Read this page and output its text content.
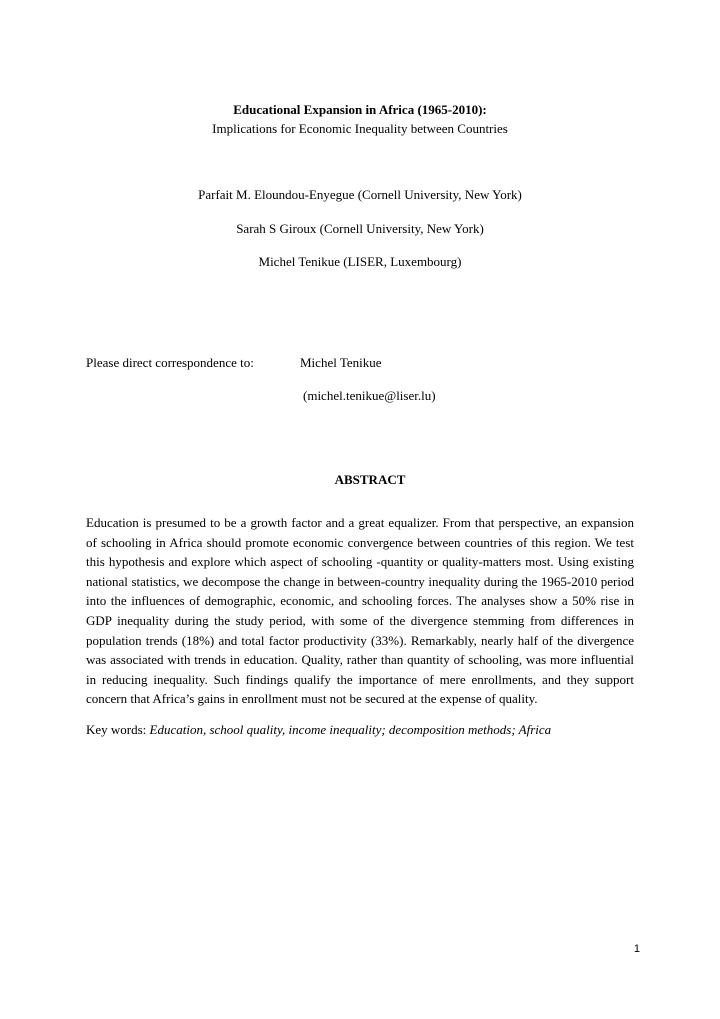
Educational Expansion in Africa (1965-2010):
Implications for Economic Inequality between Countries
Parfait M. Eloundou-Enyegue (Cornell University, New York)
Sarah S Giroux (Cornell University, New York)
Michel Tenikue (LISER, Luxembourg)
Please direct correspondence to:	Michel Tenikue
(michel.tenikue@liser.lu)
ABSTRACT
Education is presumed to be a growth factor and a great equalizer. From that perspective, an expansion of schooling in Africa should promote economic convergence between countries of this region. We test this hypothesis and explore which aspect of schooling -quantity or quality-matters most. Using existing national statistics, we decompose the change in between-country inequality during the 1965-2010 period into the influences of demographic, economic, and schooling forces. The analyses show a 50% rise in GDP inequality during the study period, with some of the divergence stemming from differences in population trends (18%) and total factor productivity (33%). Remarkably, nearly half of the divergence was associated with trends in education. Quality, rather than quantity of schooling, was more influential in reducing inequality. Such findings qualify the importance of mere enrollments, and they support concern that Africa’s gains in enrollment must not be secured at the expense of quality.
Key words: Education, school quality, income inequality; decomposition methods; Africa
1
